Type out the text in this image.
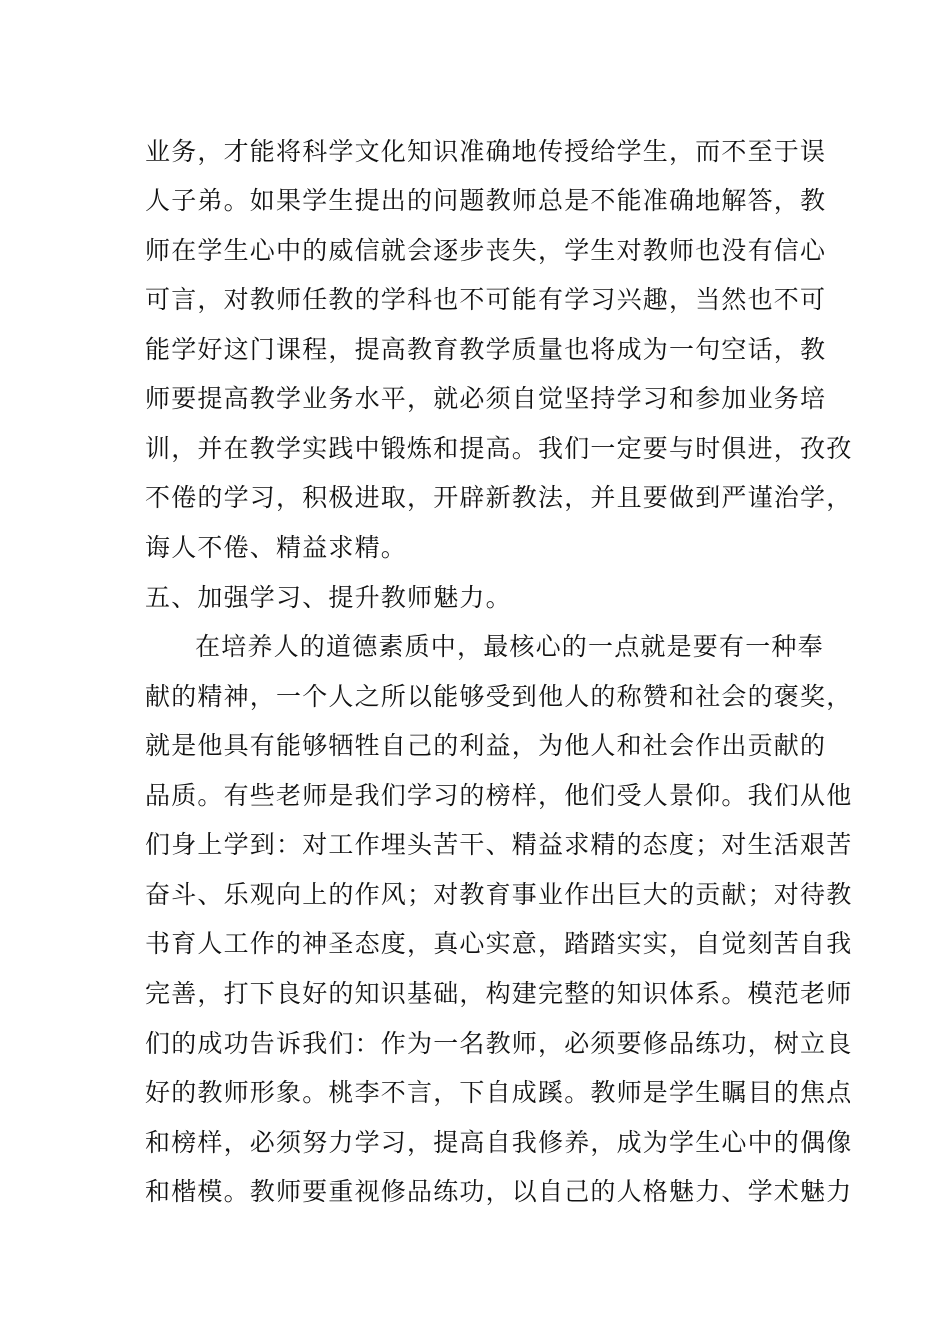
业务，才能将科学文化知识准确地传授给学生，而不至于误
人子弟。如果学生提出的问题教师总是不能准确地解答，教
师在学生心中的威信就会逐步丧失，学生对教师也没有信心
可言，对教师任教的学科也不可能有学习兴趣，当然也不可
能学好这门课程，提高教育教学质量也将成为一句空话，教
师要提高教学业务水平，就必须自觉坚持学习和参加业务培
训，并在教学实践中锻炼和提高。我们一定要与时俱进，孜孜
不倦的学习，积极进取，开辟新教法，并且要做到严谨治学，
诲人不倦、精益求精。
五、加强学习、提升教师魅力。
在培养人的道德素质中，最核心的一点就是要有一种奉
献的精神，一个人之所以能够受到他人的称赞和社会的褒奖，
就是他具有能够牺牲自己的利益，为他人和社会作出贡献的
品质。有些老师是我们学习的榜样，他们受人景仰。我们从他
们身上学到：对工作埋头苦干、精益求精的态度；对生活艰苦
奋斗、乐观向上的作风；对教育事业作出巨大的贡献；对待教
书育人工作的神圣态度，真心实意，踏踏实实，自觉刻苦自我
完善，打下良好的知识基础，构建完整的知识体系。模范老师
们的成功告诉我们：作为一名教师，必须要修品练功，树立良
好的教师形象。桃李不言，下自成蹊。教师是学生瞩目的焦点
和榜样，必须努力学习，提高自我修养，成为学生心中的偶像
和楷模。教师要重视修品练功，以自己的人格魅力、学术魅力
